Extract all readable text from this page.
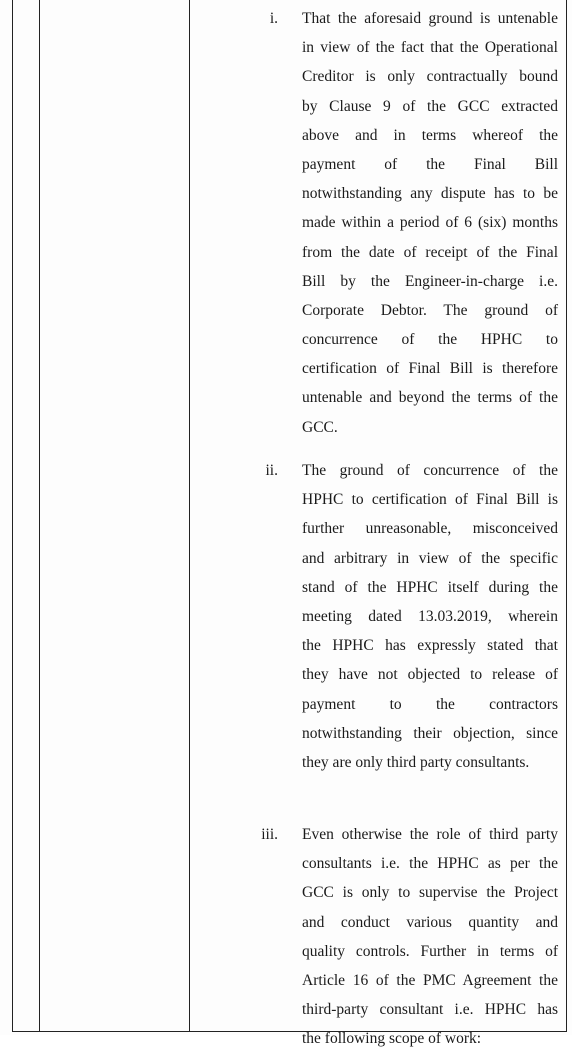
i. That the aforesaid ground is untenable
in view of the fact that the Operational
Creditor is only contractually bound
by Clause 9 of the GCC extracted
above and in terms whereof the
payment of the Final Bill
notwithstanding any dispute has to be
made within a period of 6 (six) months
from the date of receipt of the Final
Bill by the Engineer-in-charge i.e.
Corporate Debtor. The ground of
concurrence of the HPHC to
certification of Final Bill is therefore
untenable and beyond the terms of the
GCC.
ii. The ground of concurrence of the
HPHC to certification of Final Bill is
further unreasonable, misconceived
and arbitrary in view of the specific
stand of the HPHC itself during the
meeting dated 13.03.2019, wherein
the HPHC has expressly stated that
they have not objected to release of
payment to the contractors
notwithstanding their objection, since
they are only third party consultants.
iii. Even otherwise the role of third party
consultants i.e. the HPHC as per the
GCC is only to supervise the Project
and conduct various quantity and
quality controls. Further in terms of
Article 16 of the PMC Agreement the
third-party consultant i.e. HPHC has
the following scope of work:
